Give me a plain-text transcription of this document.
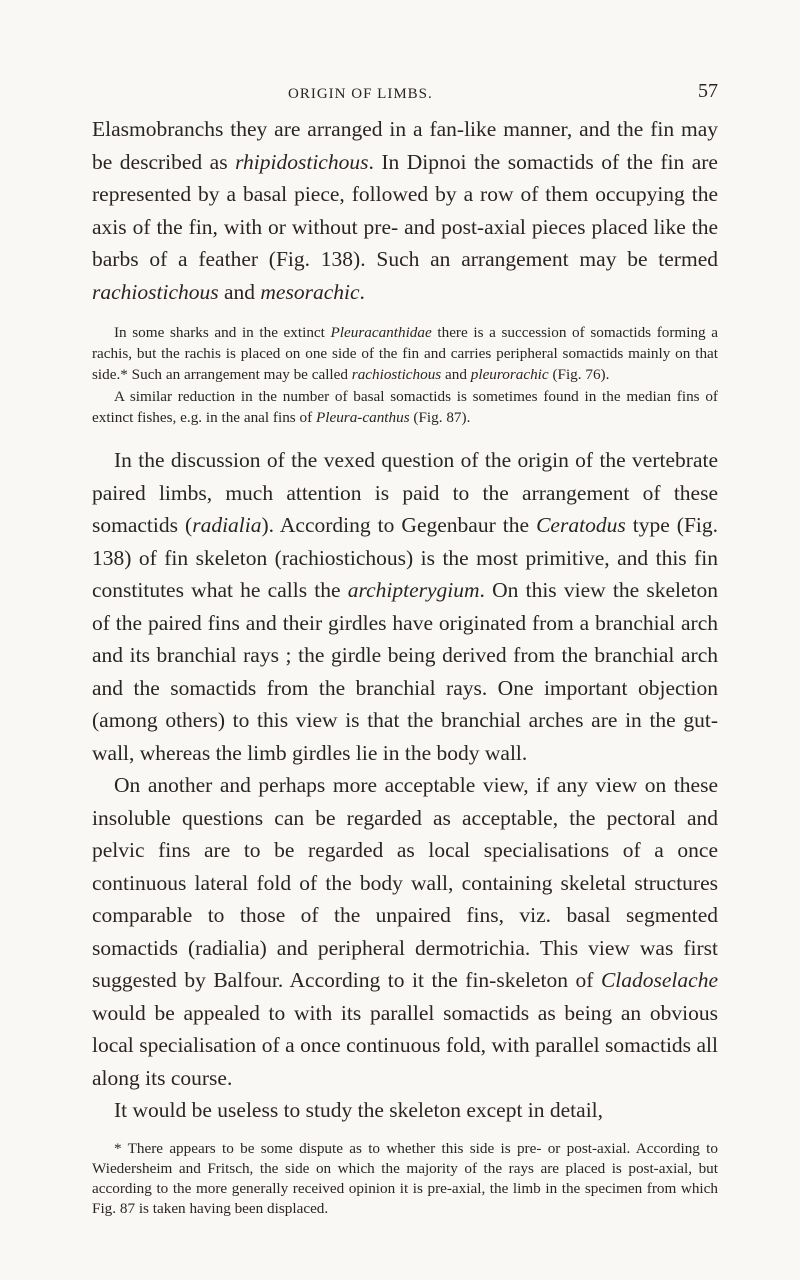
ORIGIN OF LIMBS.	57

Elasmobranchs they are arranged in a fan-like manner, and the fin may be described as rhipidostichous. In Dipnoi the somactids of the fin are represented by a basal piece, followed by a row of them occupying the axis of the fin, with or without pre- and post-axial pieces placed like the barbs of a feather (Fig. 138). Such an arrangement may be termed rachiostichous and mesorachic.

In some sharks and in the extinct Pleuracanthidae there is a succession of somactids forming a rachis, but the rachis is placed on one side of the fin and carries peripheral somactids mainly on that side.* Such an arrangement may be called rachiostichous and pleurorachic (Fig. 76).

A similar reduction in the number of basal somactids is sometimes found in the median fins of extinct fishes, e.g. in the anal fins of Pleura-canthus (Fig. 87).

In the discussion of the vexed question of the origin of the vertebrate paired limbs, much attention is paid to the arrangement of these somactids (radialia). According to Gegenbaur the Ceratodus type (Fig. 138) of fin skeleton (rachiostichous) is the most primitive, and this fin constitutes what he calls the archipterygium. On this view the skeleton of the paired fins and their girdles have originated from a branchial arch and its branchial rays ; the girdle being derived from the branchial arch and the somactids from the branchial rays. One important objection (among others) to this view is that the branchial arches are in the gut-wall, whereas the limb girdles lie in the body wall.

On another and perhaps more acceptable view, if any view on these insoluble questions can be regarded as acceptable, the pectoral and pelvic fins are to be regarded as local specialisations of a once continuous lateral fold of the body wall, containing skeletal structures comparable to those of the unpaired fins, viz. basal segmented somactids (radialia) and peripheral dermotrichia. This view was first suggested by Balfour. According to it the fin-skeleton of Cladoselache would be appealed to with its parallel somactids as being an obvious local specialisation of a once continuous fold, with parallel somactids all along its course.

It would be useless to study the skeleton except in detail,

* There appears to be some dispute as to whether this side is pre- or post-axial. According to Wiedersheim and Fritsch, the side on which the majority of the rays are placed is post-axial, but according to the more generally received opinion it is pre-axial, the limb in the specimen from which Fig. 87 is taken having been displaced.
